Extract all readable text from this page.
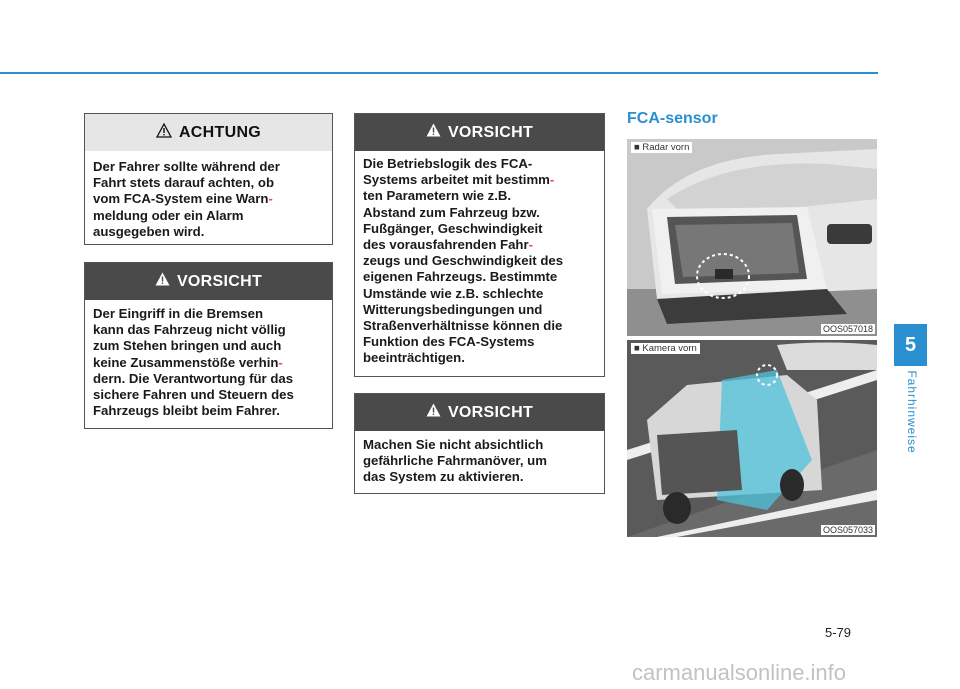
ACHTUNG
Der Fahrer sollte während der
Fahrt stets darauf achten, ob
vom FCA-System eine Warn-
meldung oder ein Alarm
ausgegeben wird.
VORSICHT
Der Eingriff in die Bremsen
kann das Fahrzeug nicht völlig
zum Stehen bringen und auch
keine Zusammenstöße verhin-
dern. Die Verantwortung für das
sichere Fahren und Steuern des
Fahrzeugs bleibt beim Fahrer.
VORSICHT
Die Betriebslogik des FCA-
Systems arbeitet mit bestimm-
ten Parametern wie z.B.
Abstand zum Fahrzeug bzw.
Fußgänger, Geschwindigkeit
des vorausfahrenden Fahr-
zeugs und Geschwindigkeit des
eigenen Fahrzeugs. Bestimmte
Umstände wie z.B. schlechte
Witterungsbedingungen und
Straßenverhältnisse können die
Funktion des FCA-Systems
beeinträchtigen.
VORSICHT
Machen Sie nicht absichtlich
gefährliche Fahrmanöver, um
das System zu aktivieren.
FCA-sensor
■ Radar vorn
OOS057018
■ Kamera vorn
OOS057033
5
Fahrhinweise
5-79
carmanualsonline.info
